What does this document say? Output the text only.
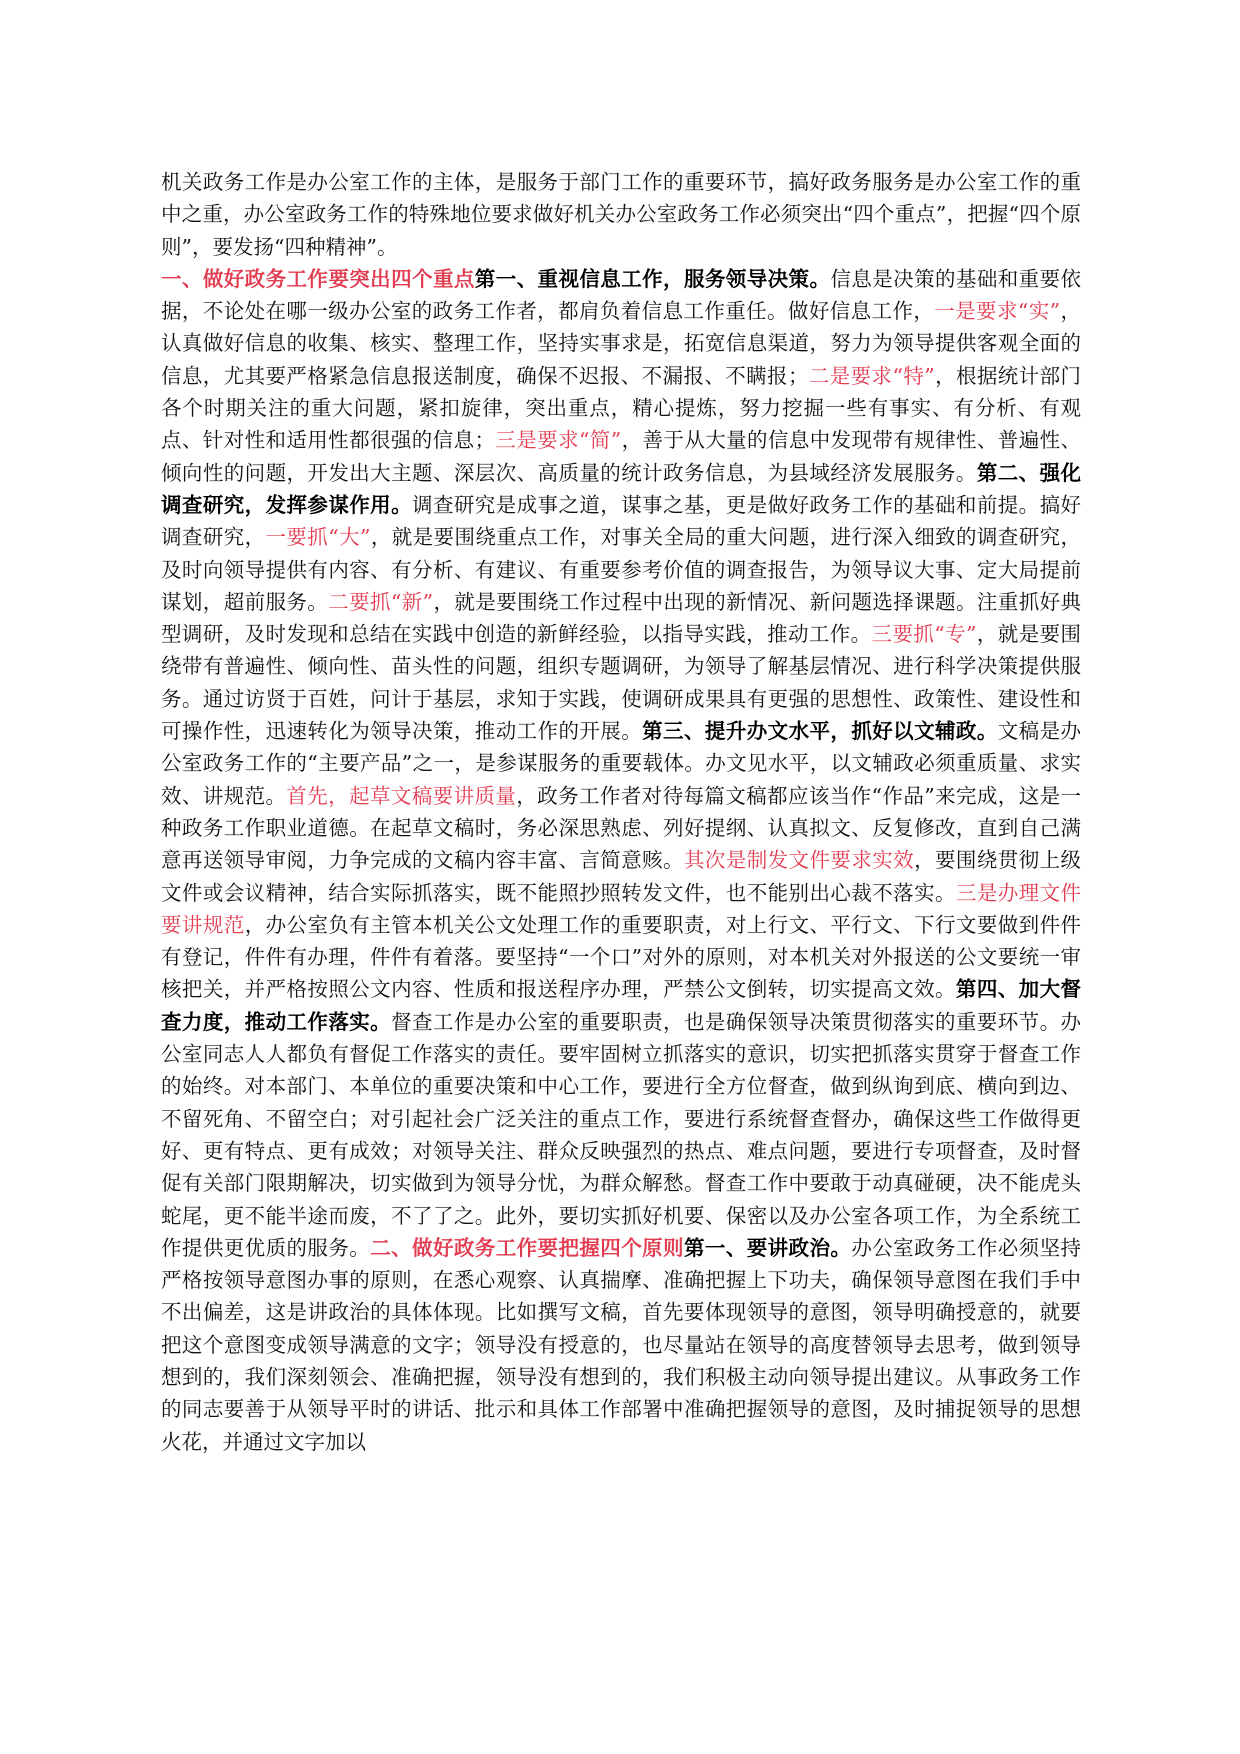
机关政务工作是办公室工作的主体，是服务于部门工作的重要环节，搞好政务服务是办公室工作的重中之重，办公室政务工作的特殊地位要求做好机关办公室政务工作必须突出“四个重点”，把握“四个原则”，要发扬“四种精神”。

一、做好政务工作要突出四个重点第一、重视信息工作，服务领导决策。信息是决策的基础和重要依据，不论处在哪一级办公室的政务工作者，都肩负着信息工作重任。做好信息工作，一是要求“实”，认真做好信息的收集、核实、整理工作，坚持实事求是，拓宽信息渠道，努力为领导提供客观全面的信息，尤其要严格紧急信息报送制度，确保不迟报、不漏报、不瞒报；二是要求“特”，根据统计部门各个时期关注的重大问题，紧扣旋律，突出重点，精心提炼，努力挖掘一些有事实、有分析、有观点、针对性和适用性都很强的信息；三是要求“简”，善于从大量的信息中发现带有规律性、普遍性、倾向性的问题，开发出大主题、深层次、高质量的统计政务信息，为县域经济发展服务。第二、强化调查研究，发挥参谋作用。调查研究是成事之道，谋事之基，更是做好政务工作的基础和前提。搞好调查研究，一要抓“大”，就是要围绕重点工作，对事关全局的重大问题，进行深入细致的调查研究，及时向领导提供有内容、有分析、有建议、有重要参考价值的调查报告，为领导议大事、定大局提前谋划，超前服务。二要抓“新”，就是要围绕工作过程中出现的新情况、新问题选择课题。注重抓好典型调研，及时发现和总结在实践中创造的新鲜经验，以指导实践，推动工作。三要抓“专”，就是要围绕带有普遍性、倾向性、苗头性的问题，组织专题调研，为领导了解基层情况、进行科学决策提供服务。通过访贤于百姓，问计于基层，求知于实践，使调研成果具有更强的思想性、政策性、建设性和可操作性，迅速转化为领导决策，推动工作的开展。第三、提升办文水平，抓好以文辅政。文稿是办公室政务工作的“主要产品”之一，是参谋服务的重要载体。办文见水平，以文辅政必须重质量、求实效、讲规范。首先，起草文稿要讲质量，政务工作者对待每篇文稿都应该当作“作品”来完成，这是一种政务工作职业道德。在起草文稿时，务必深思熟虑、列好提纲、认真拟文、反复修改，直到自己满意再送领导审阅，力争完成的文稿内容丰富、言简意赅。其次是制发文件要求实效，要围绕贯彻上级文件或会议精神，结合实际抓落实，既不能照抄照转发文件，也不能别出心裁不落实。三是办理文件要讲规范，办公室负有主管本机关公文处理工作的重要职责，对上行文、平行文、下行文要做到件件有登记，件件有办理，件件有着落。要坚持“一个口”对外的原则，对本机关对外报送的公文要统一审核把关，并严格按照公文内容、性质和报送程序办理，严禁公文倒转，切实提高文效。第四、加大督查力度，推动工作落实。督查工作是办公室的重要职责，也是确保领导决策贯彻落实的重要环节。办公室同志人人都负有督促工作落实的责任。要牢固树立抓落实的意识，切实把抓落实贯穿于督查工作的始终。对本部门、本单位的重要决策和中心工作，要进行全方位督查，做到纵询到底、横向到边、不留死角、不留空白；对引起社会广泛关注的重点工作，要进行系统督查督办，确保这些工作做得更好、更有特点、更有成效；对领导关注、群众反映强烈的热点、难点问题，要进行专项督查，及时督促有关部门限期解决，切实做到为领导分忧，为群众解愁。督查工作中要敢于动真碰硬，决不能虎头蛇尾，更不能半途而废，不了了之。此外，要切实抓好机要、保密以及办公室各项工作，为全系统工作提供更优质的服务。二、做好政务工作要把握四个原则第一、要讲政治。办公室政务工作必须坚持严格按领导意图办事的原则，在悉心观察、认真揣摩、准确把握上下功夫，确保领导意图在我们手中不出偏差，这是讲政治的具体体现。比如撰写文稿，首先要体现领导的意图，领导明确授意的，就要把这个意图变成领导满意的文字；领导没有授意的，也尽量站在领导的高度替领导去思考，做到领导想到的，我们深刻领会、准确把握，领导没有想到的，我们积极主动向领导提出建议。从事政务工作的同志要善于从领导平时的讲话、批示和具体工作部署中准确把握领导的意图，及时捕捉领导的思想火花，并通过文字加以
